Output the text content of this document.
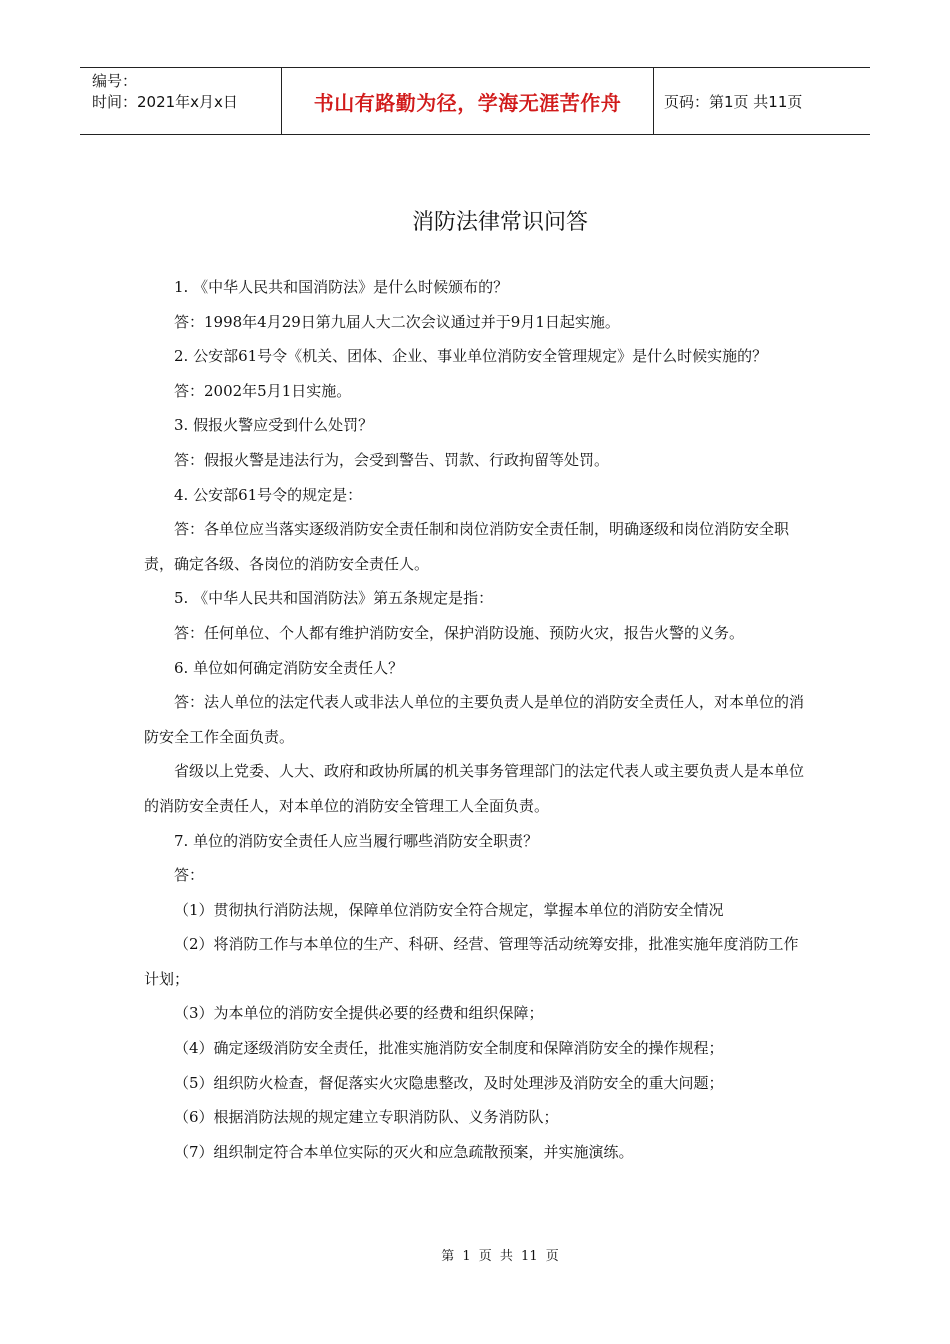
编号：
时间：2021年x月x日	书山有路勤为径，学海无涯苦作舟	页码：第1页 共11页
消防法律常识问答

1. 《中华人民共和国消防法》是什么时候颁布的？

答：1998年4月29日第九届人大二次会议通过并于9月1日起实施。

2. 公安部61号令《机关、团体、企业、事业单位消防安全管理规定》是什么时候实施的？

答：2002年5月1日实施。

3. 假报火警应受到什么处罚？

答：假报火警是违法行为，会受到警告、罚款、行政拘留等处罚。

4. 公安部61号令的规定是：

答：各单位应当落实逐级消防安全责任制和岗位消防安全责任制，明确逐级和岗位消防安全职责，确定各级、各岗位的消防安全责任人。

5. 《中华人民共和国消防法》第五条规定是指：

答：任何单位、个人都有维护消防安全，保护消防设施、预防火灾，报告火警的义务。

6. 单位如何确定消防安全责任人？

答：法人单位的法定代表人或非法人单位的主要负责人是单位的消防安全责任人，对本单位的消防安全工作全面负责。

省级以上党委、人大、政府和政协所属的机关事务管理部门的法定代表人或主要负责人是本单位的消防安全责任人，对本单位的消防安全管理工人全面负责。

7. 单位的消防安全责任人应当履行哪些消防安全职责？

答：

（1）贯彻执行消防法规，保障单位消防安全符合规定，掌握本单位的消防安全情况

（2）将消防工作与本单位的生产、科研、经营、管理等活动统筹安排，批准实施年度消防工作计划；

（3）为本单位的消防安全提供必要的经费和组织保障；

（4）确定逐级消防安全责任，批准实施消防安全制度和保障消防安全的操作规程；

（5）组织防火检查，督促落实火灾隐患整改，及时处理涉及消防安全的重大问题；

（6）根据消防法规的规定建立专职消防队、义务消防队；

（7）组织制定符合本单位实际的灭火和应急疏散预案，并实施演练。

第 1 页 共 11 页
